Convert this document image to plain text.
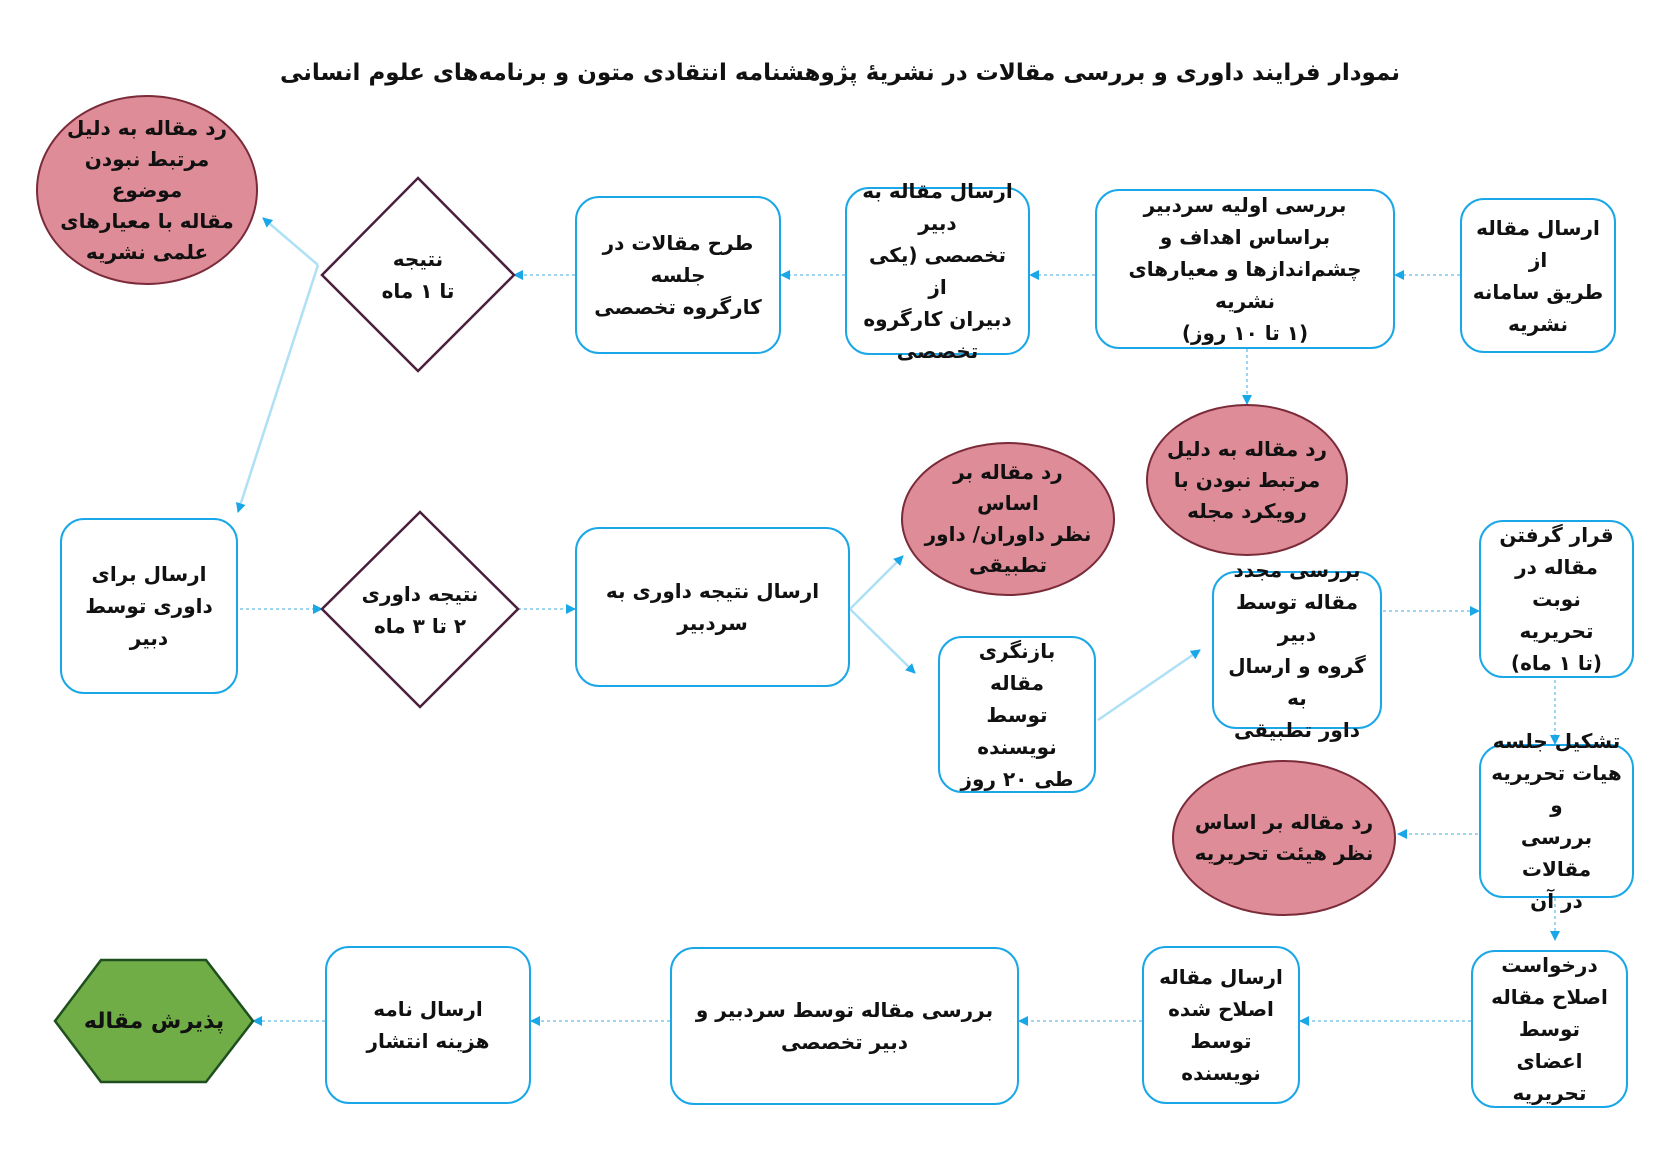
نمودار فرایند داوری و بررسی مقالات در نشریۀ پژوهشنامه انتقادی متون و برنامه‌های علوم انسانی
ارسال مقاله از
طریق سامانه
نشریه
بررسی اولیه سردبیر
براساس اهداف و
چشم‌اندازها و معیارهای نشریه
(۱ تا ۱۰ روز)
ارسال مقاله به دبیر
تخصصی (یکی از
دبیران کارگروه
تخصصی
طرح مقالات در جلسه
کارگروه تخصصی
نتیجه
تا ۱ ماه
رد مقاله به دلیل
مرتبط نبودن موضوع
مقاله با معیارهای
علمی نشریه
رد مقاله به دلیل
مرتبط نبودن با
رویکرد مجله
رد مقاله بر اساس
نظر داوران/ داور
تطبیقی
ارسال برای
داوری توسط
دبیر
نتیجه داوری
۲ تا ۳ ماه
ارسال نتیجه داوری به
سردبیر
بازنگری مقاله
توسط نویسنده
طی ۲۰ روز
بررسی مجدد
مقاله توسط دبیر
گروه و ارسال به
داور تطبیقی
قرار گرفتن
مقاله در نوبت
تحریریه
(تا ۱ ماه)
تشکیل جلسه
هیات تحریریه و
بررسی مقالات
در آن
رد مقاله بر اساس
نظر هیئت تحریریه
درخواست
اصلاح مقاله
توسط اعضای
تحریریه
ارسال مقاله
اصلاح شده
توسط نویسنده
بررسی مقاله توسط سردبیر و
دبیر تخصصی
ارسال نامه
هزینه انتشار
پذیرش مقاله
